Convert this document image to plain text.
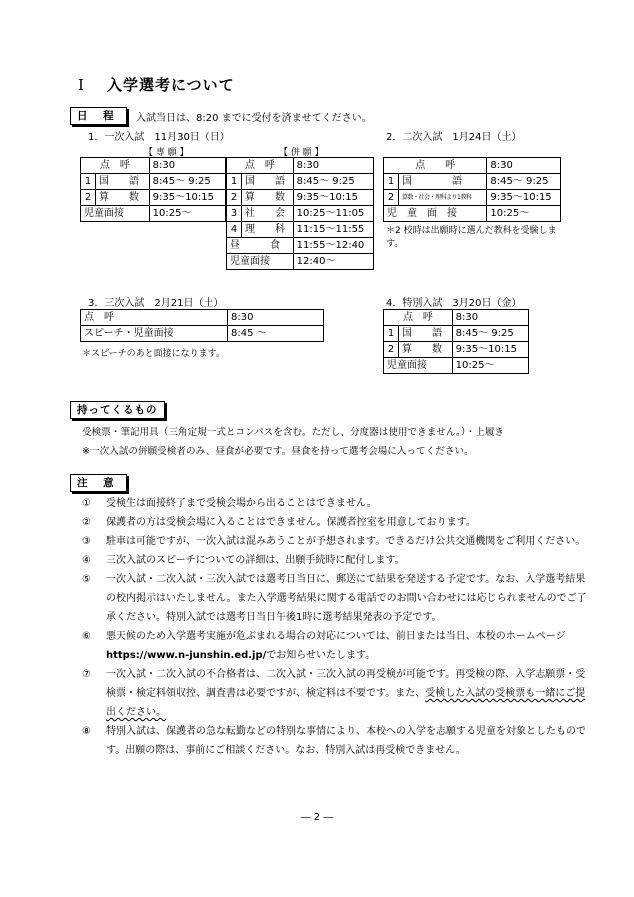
I 入学選考について
日 程	入試当日は、8:20 までに受付を済ませてください。
1．一次入試　11月30日（日）
【 専 願 】	【 併 願 】
点　呼		8:30
1	国　　語	8:45〜 9:25
2	算　　数	9:35〜10:15
児童面接		10:25〜
点　呼		8:30
1	国　　語	8:45〜 9:25
2	算　　数	9:35〜10:15
3	社　　会	10:25〜11:05
4	理　　科	11:15〜11:55
昼　　　食		11:55〜12:40
児童面接		12:40〜
2．二次入試　1月24日（土）
点　　呼		8:30
1	国　　　　語	8:45〜 9:25
2	算数・社会・理科より1教科	9:35〜10:15
児　童　面　接		10:25〜
＊2 校時は出願時に選んだ教科を受験します。
3．三次入試　2月21日（土）
点　呼	8:30
スピーチ・児童面接	8:45 〜
＊スピーチのあと面接になります。
4．特別入試　3月20日（金）
点　呼		8:30
1	国　　語	8:45〜 9:25
2	算　　数	9:35〜10:15
児童面接		10:25〜
持ってくるもの
受検票・筆記用具（三角定規一式とコンパスを含む。ただし、分度器は使用できません。）・上履き
※一次入試の併願受検者のみ、昼食が必要です。昼食を持って選考会場に入ってください。
注 意
①	受検生は面接終了まで受検会場から出ることはできません。
②	保護者の方は受検会場に入ることはできません。保護者控室を用意しております。
③	駐車は可能ですが、一次入試は混みあうことが予想されます。できるだけ公共交通機関をご利用ください。
④	三次入試のスピーチについての詳細は、出願手続時に配付します。
⑤	一次入試・二次入試・三次入試では選考日当日に、郵送にて結果を発送する予定です。なお、入学選考結果の校内掲示はいたしません。また入学選考結果に関する電話でのお問い合わせには応じられませんのでご了承ください。特別入試では選考日当日午後1時に選考結果発表の予定です。
⑥	悪天候のため入学選考実施が危ぶまれる場合の対応については、前日または当日、本校のホームページ https://www.n-junshin.ed.jp/でお知らせいたします。
⑦	一次入試・二次入試の不合格者は、二次入試・三次入試の再受検が可能です。再受検の際、入学志願票・受検票・検定料領収控、調査書は必要ですが、検定料は不要です。また、受検した入試の受検票も一緒にご提出ください。
⑧	特別入試は、保護者の急な転勤などの特別な事情により、本校への入学を志願する児童を対象としたものです。出願の際は、事前にご相談ください。なお、特別入試は再受検できません。
― 2 ―
